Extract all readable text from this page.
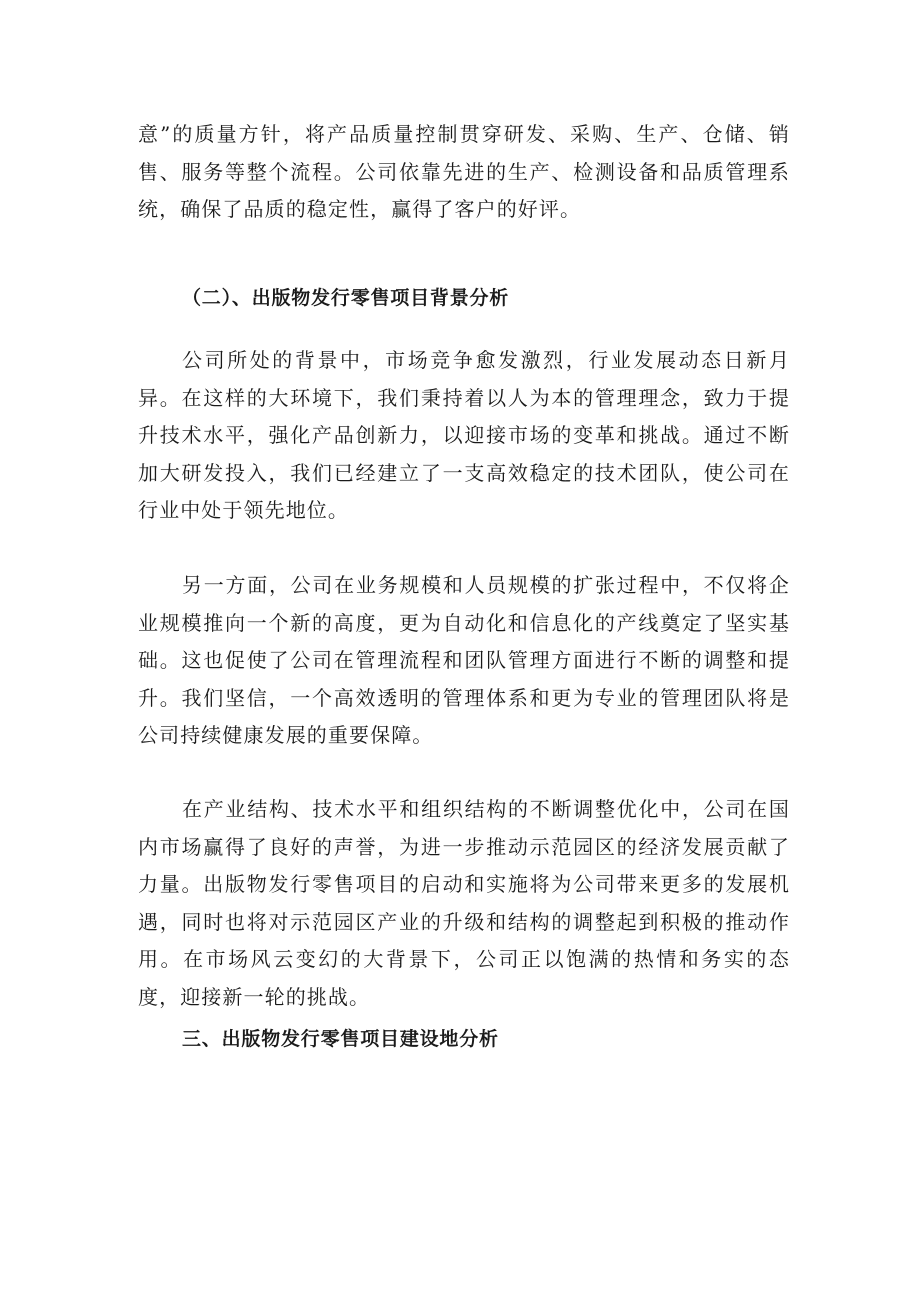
意”的质量方针，将产品质量控制贯穿研发、采购、生产、仓储、销售、服务等整个流程。公司依靠先进的生产、检测设备和品质管理系统，确保了品质的稳定性，赢得了客户的好评。

（二）、出版物发行零售项目背景分析

公司所处的背景中，市场竞争愈发激烈，行业发展动态日新月异。在这样的大环境下，我们秉持着以人为本的管理理念，致力于提升技术水平，强化产品创新力，以迎接市场的变革和挑战。通过不断加大研发投入，我们已经建立了一支高效稳定的技术团队，使公司在行业中处于领先地位。

另一方面，公司在业务规模和人员规模的扩张过程中，不仅将企业规模推向一个新的高度，更为自动化和信息化的产线奠定了坚实基础。这也促使了公司在管理流程和团队管理方面进行不断的调整和提升。我们坚信，一个高效透明的管理体系和更为专业的管理团队将是公司持续健康发展的重要保障。

在产业结构、技术水平和组织结构的不断调整优化中，公司在国内市场赢得了良好的声誉，为进一步推动示范园区的经济发展贡献了力量。出版物发行零售项目的启动和实施将为公司带来更多的发展机遇，同时也将对示范园区产业的升级和结构的调整起到积极的推动作用。在市场风云变幻的大背景下，公司正以饱满的热情和务实的态度，迎接新一轮的挑战。

三、出版物发行零售项目建设地分析
